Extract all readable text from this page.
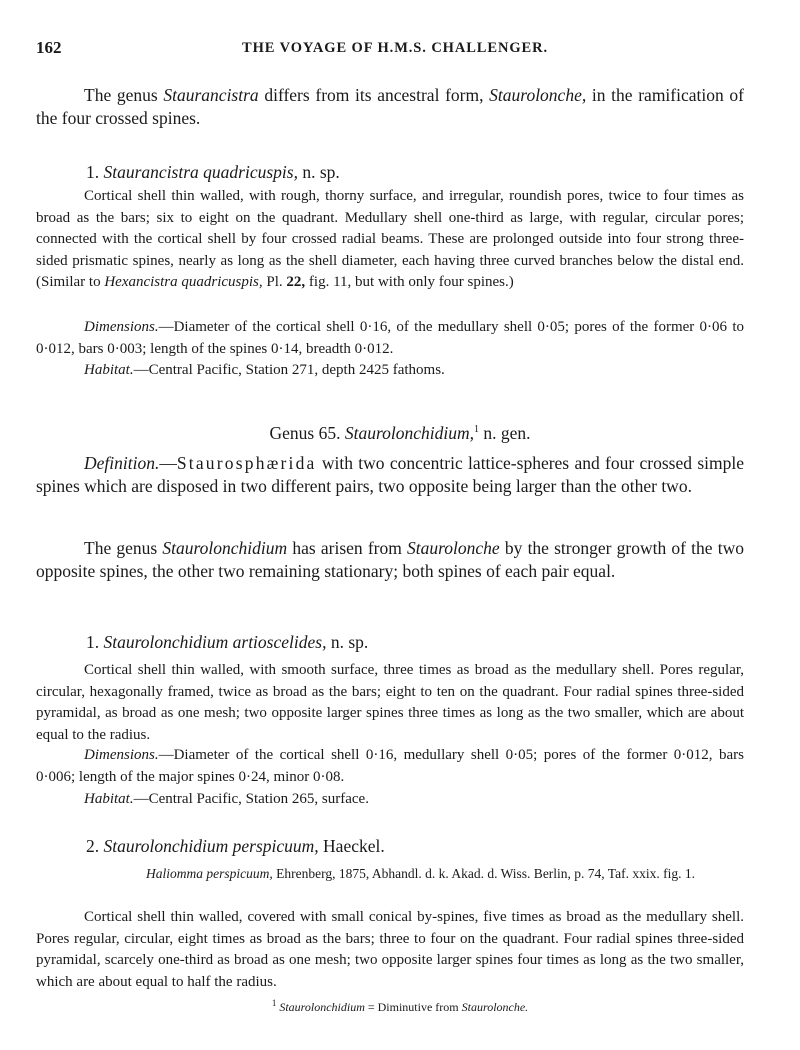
162	THE VOYAGE OF H.M.S. CHALLENGER.

The genus Staurancistra differs from its ancestral form, Staurolonche, in the ramification of the four crossed spines.

1. Staurancistra quadricuspis, n. sp.

Cortical shell thin walled, with rough, thorny surface, and irregular, roundish pores, twice to four times as broad as the bars; six to eight on the quadrant. Medullary shell one-third as large, with regular, circular pores; connected with the cortical shell by four crossed radial beams. These are prolonged outside into four strong three-sided prismatic spines, nearly as long as the shell diameter, each having three curved branches below the distal end. (Similar to Hexancistra quadricuspis, Pl. 22, fig. 11, but with only four spines.)

Dimensions.—Diameter of the cortical shell 0·16, of the medullary shell 0·05; pores of the former 0·06 to 0·012, bars 0·003; length of the spines 0·14, breadth 0·012.

Habitat.—Central Pacific, Station 271, depth 2425 fathoms.

Genus 65. Staurolonchidium,$^1$ n. gen.

Definition.—Staurosphærida with two concentric lattice-spheres and four crossed simple spines which are disposed in two different pairs, two opposite being larger than the other two.

The genus Staurolonchidium has arisen from Staurolonche by the stronger growth of the two opposite spines, the other two remaining stationary; both spines of each pair equal.

1. Staurolonchidium artioscelides, n. sp.

Cortical shell thin walled, with smooth surface, three times as broad as the medullary shell. Pores regular, circular, hexagonally framed, twice as broad as the bars; eight to ten on the quadrant. Four radial spines three-sided pyramidal, as broad as one mesh; two opposite larger spines three times as long as the two smaller, which are about equal to the radius.

Dimensions.—Diameter of the cortical shell 0·16, medullary shell 0·05; pores of the former 0·012, bars 0·006; length of the major spines 0·24, minor 0·08.

Habitat.—Central Pacific, Station 265, surface.

2. Staurolonchidium perspicuum, Haeckel.

Haliomma perspicuum, Ehrenberg, 1875, Abhandl. d. k. Akad. d. Wiss. Berlin, p. 74, Taf. xxix. fig. 1.

Cortical shell thin walled, covered with small conical by-spines, five times as broad as the medullary shell. Pores regular, circular, eight times as broad as the bars; three to four on the quadrant. Four radial spines three-sided pyramidal, scarcely one-third as broad as one mesh; two opposite larger spines four times as long as the two smaller, which are about equal to half the radius.

$^1$ Staurolonchidium = Diminutive from Staurolonche.
